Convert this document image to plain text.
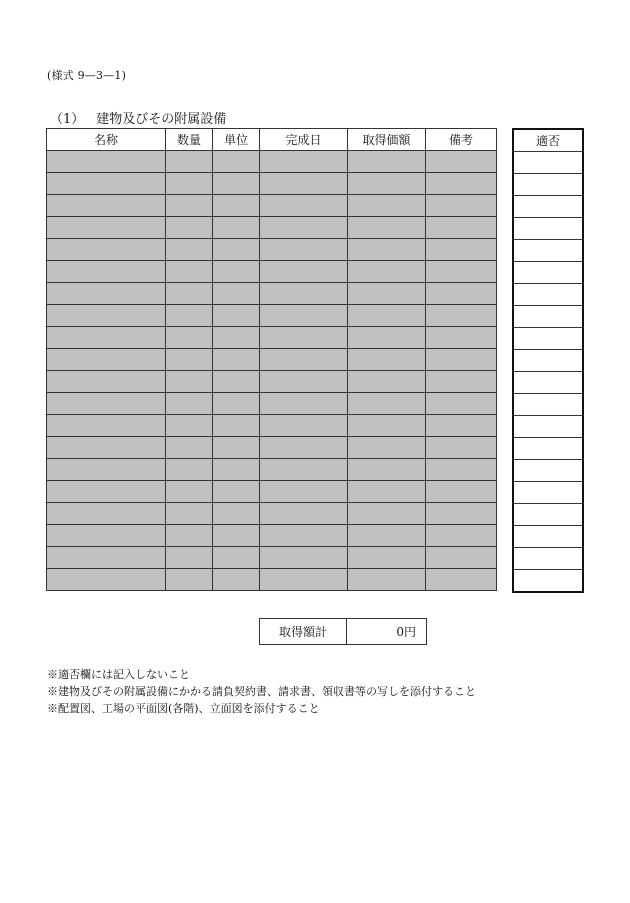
(様式 9—3—1)
（1） 建物及びその附属設備
名称	数量	単位	完成日	取得価額	備考

						適否

取得額計	0円
※適否欄には記入しないこと
※建物及びその附属設備にかかる請負契約書、請求書、領収書等の写しを添付すること
※配置図、工場の平面図(各階)、立面図を添付すること
